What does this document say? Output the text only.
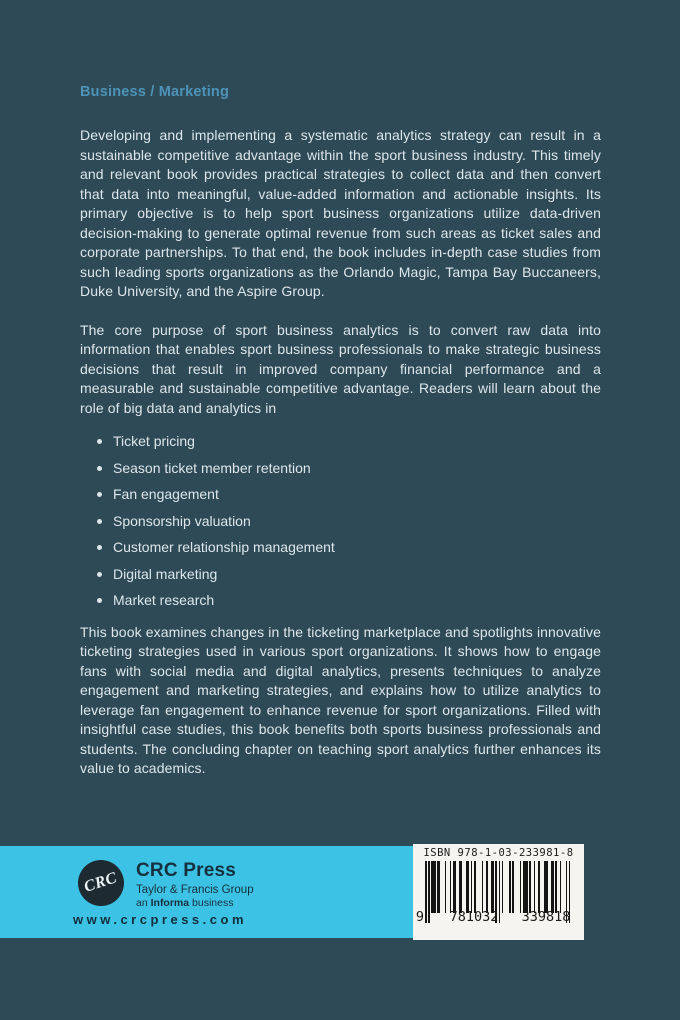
Business / Marketing

Developing and implementing a systematic analytics strategy can result in a sustainable competitive advantage within the sport business industry. This timely and relevant book provides practical strategies to collect data and then convert that data into meaningful, value-added information and actionable insights. Its primary objective is to help sport business organizations utilize data-driven decision-making to generate optimal revenue from such areas as ticket sales and corporate partnerships. To that end, the book includes in-depth case studies from such leading sports organizations as the Orlando Magic, Tampa Bay Buccaneers, Duke University, and the Aspire Group.

The core purpose of sport business analytics is to convert raw data into information that enables sport business professionals to make strategic business decisions that result in improved company financial performance and a measurable and sustainable competitive advantage. Readers will learn about the role of big data and analytics in

Ticket pricing
Season ticket member retention
Fan engagement
Sponsorship valuation
Customer relationship management
Digital marketing
Market research

This book examines changes in the ticketing marketplace and spotlights innovative ticketing strategies used in various sport organizations. It shows how to engage fans with social media and digital analytics, presents techniques to analyze engagement and marketing strategies, and explains how to utilize analytics to leverage fan engagement to enhance revenue for sport organizations. Filled with insightful case studies, this book benefits both sports business professionals and students. The concluding chapter on teaching sport analytics further enhances its value to academics.

CRC CRC Press
Taylor & Francis Group
an Informa business
www.crcpress.com
ISBN 978-1-03-233981-8
9	781032	339818
